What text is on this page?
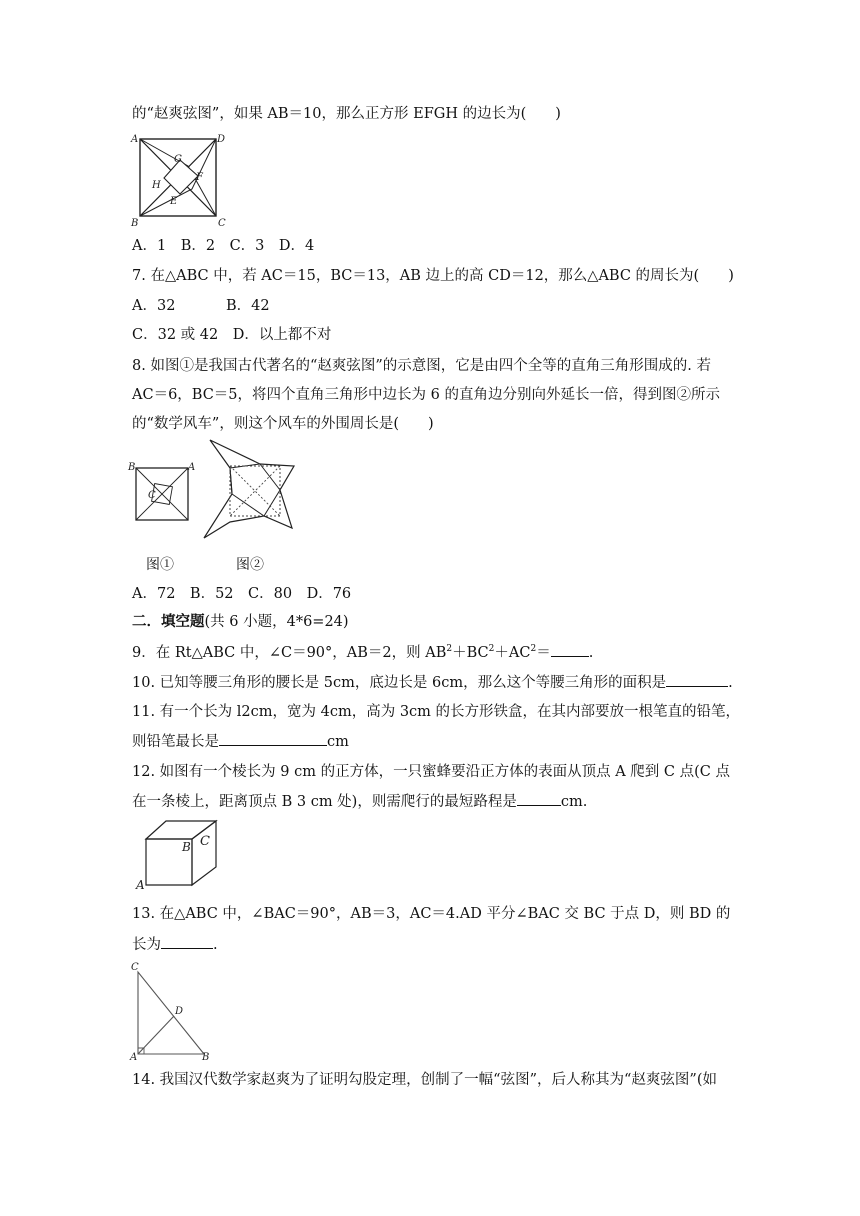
的“赵爽弦图”，如果 AB＝10，那么正方形 EFGH 的边长为(　　)
A	D
B	C
G
H
F
E
A．1　B．2　C．3　D．4
7. 在△ABC 中，若 AC＝15，BC＝13，AB 边上的高 CD＝12，那么△ABC 的周长为(　　)
A．32	B．42
C．32 或 42　D．以上都不对
8. 如图①是我国古代著名的“赵爽弦图”的示意图，它是由四个全等的直角三角形围成的. 若
AC＝6，BC＝5，将四个直角三角形中边长为 6 的直角边分别向外延长一倍，得到图②所示
的“数学风车”，则这个风车的外围周长是(　　)
B	A
C
图①	图②
A．72　B．52　C．80　D．76
二．填空题(共 6 小题，4*6=24)
9．在 Rt△ABC 中，∠C＝90°，AB＝2，则 $AB^2+BC^2+AC^2=$	.
10. 已知等腰三角形的腰长是 5cm，底边长是 6cm，那么这个等腰三角形的面积是	.
11. 有一个长为 l2cm，宽为 4cm，高为 3cm 的长方形铁盒，在其内部要放一根笔直的铅笔，
则铅笔最长是	cm
12. 如图有一个棱长为 9 cm 的正方体，一只蜜蜂要沿正方体的表面从顶点 A 爬到 C 点(C 点
在一条棱上，距离顶点 B 3 cm 处)，则需爬行的最短路程是	cm.
C
B
A
13. 在△ABC 中，∠BAC＝90°，AB＝3，AC＝4.AD 平分∠BAC 交 BC 于点 D，则 BD 的
长为	.
C
D
A	B
14. 我国汉代数学家赵爽为了证明勾股定理，创制了一幅“弦图”，后人称其为“赵爽弦图”(如
